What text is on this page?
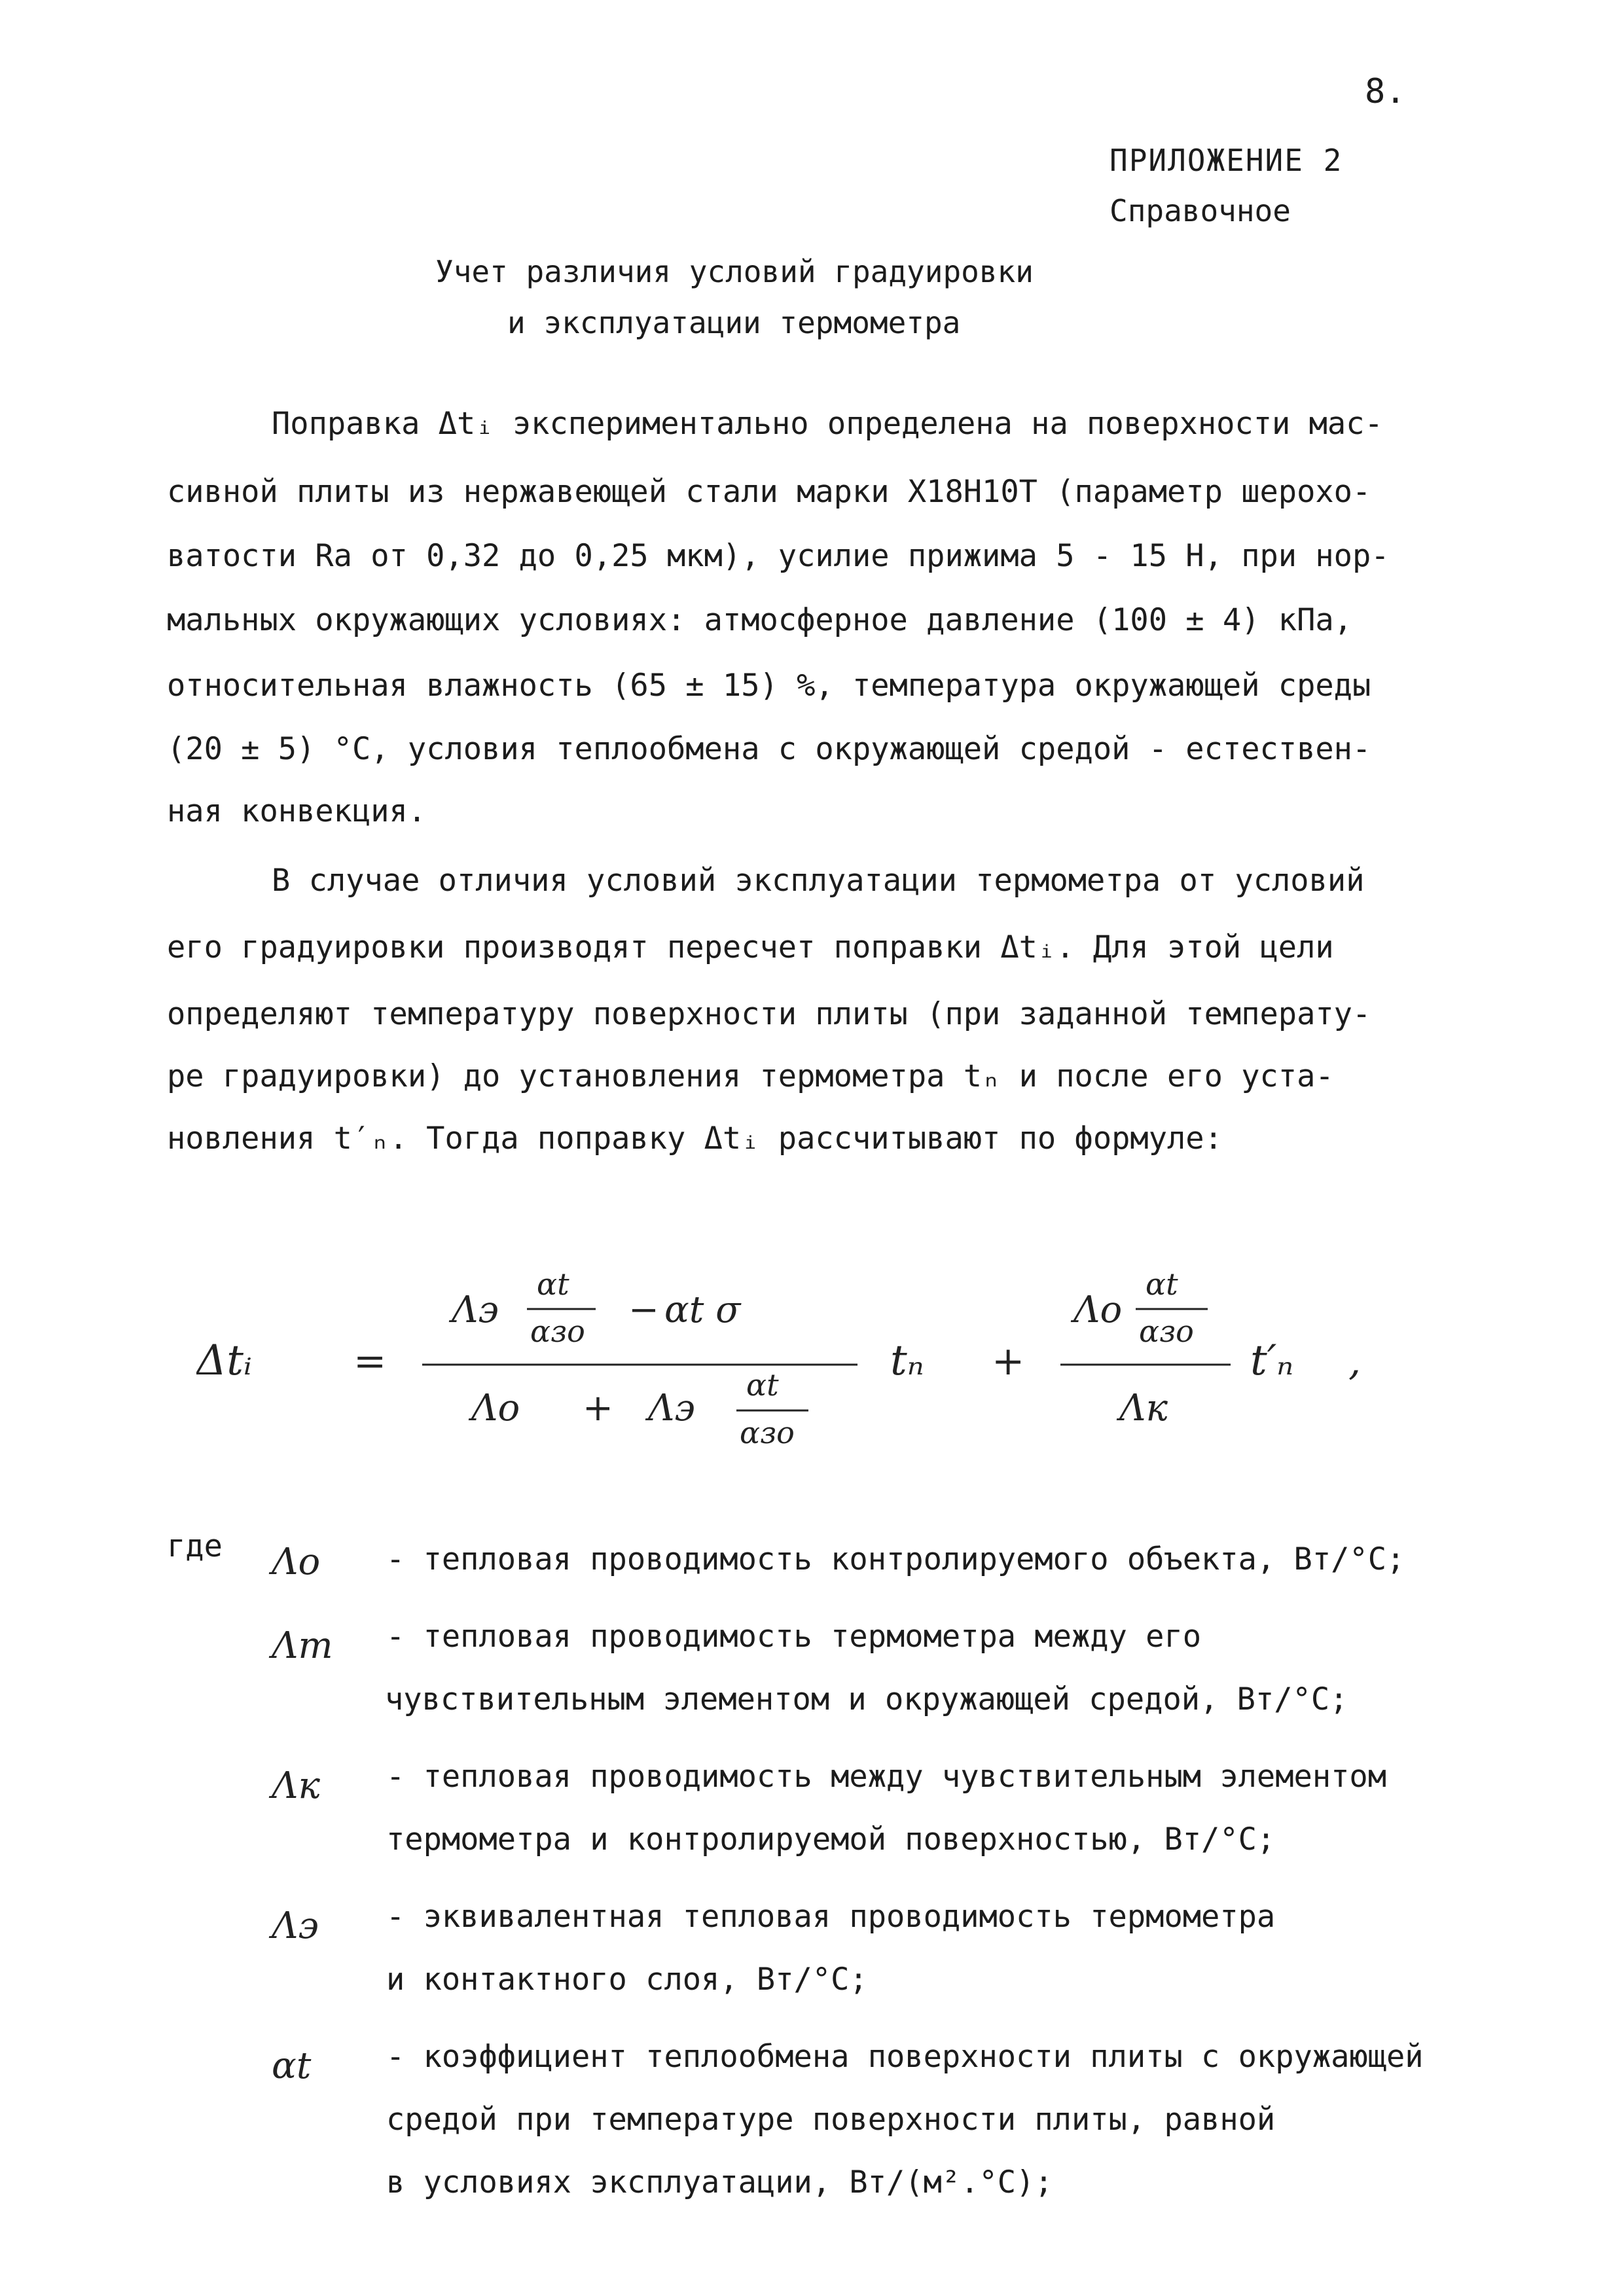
8.
ПРИЛОЖЕНИЕ 2
Справочное
Учет различия условий градуировки
и эксплуатации термометра
Поправка Δtᵢ экспериментально определена на поверхности мас-
сивной плиты из нержавеющей стали марки Х18Н10Т (параметр шерохо-
ватости Ra от 0,32 до 0,25 мкм), усилие прижима 5 - 15 Н, при нор-
мальных окружающих условиях: атмосферное давление (100 ± 4) кПа,
относительная влажность (65 ± 15) %, температура окружающей среды
(20 ± 5) °С, условия теплообмена с окружающей средой - естествен-
ная конвекция.
В случае отличия условий эксплуатации термометра от условий
его градуировки производят пересчет поправки Δtᵢ. Для этой цели
определяют температуру поверхности плиты (при заданной температу-
ре градуировки) до установления термометра tₙ и после его уста-
новления t′ₙ. Тогда поправку Δtᵢ рассчитывают по формуле:
Δtᵢ	=
Λэ
αt
αзо − αt σ
Λо + Λэ
αt
αзо
tₙ +
Λо
αt
αзо
Λк
t′ₙ ,
где Λо - тепловая проводимость контролируемого объекта, Вт/°С;
Λт - тепловая проводимость термометра между его
чувствительным элементом и окружающей средой, Вт/°С;
Λк - тепловая проводимость между чувствительным элементом
термометра и контролируемой поверхностью, Вт/°С;
Λэ - эквивалентная тепловая проводимость термометра
и контактного слоя, Вт/°С;
αt - коэффициент теплообмена поверхности плиты с окружающей
средой при температуре поверхности плиты, равной
в условиях эксплуатации, Вт/(м².°С);
